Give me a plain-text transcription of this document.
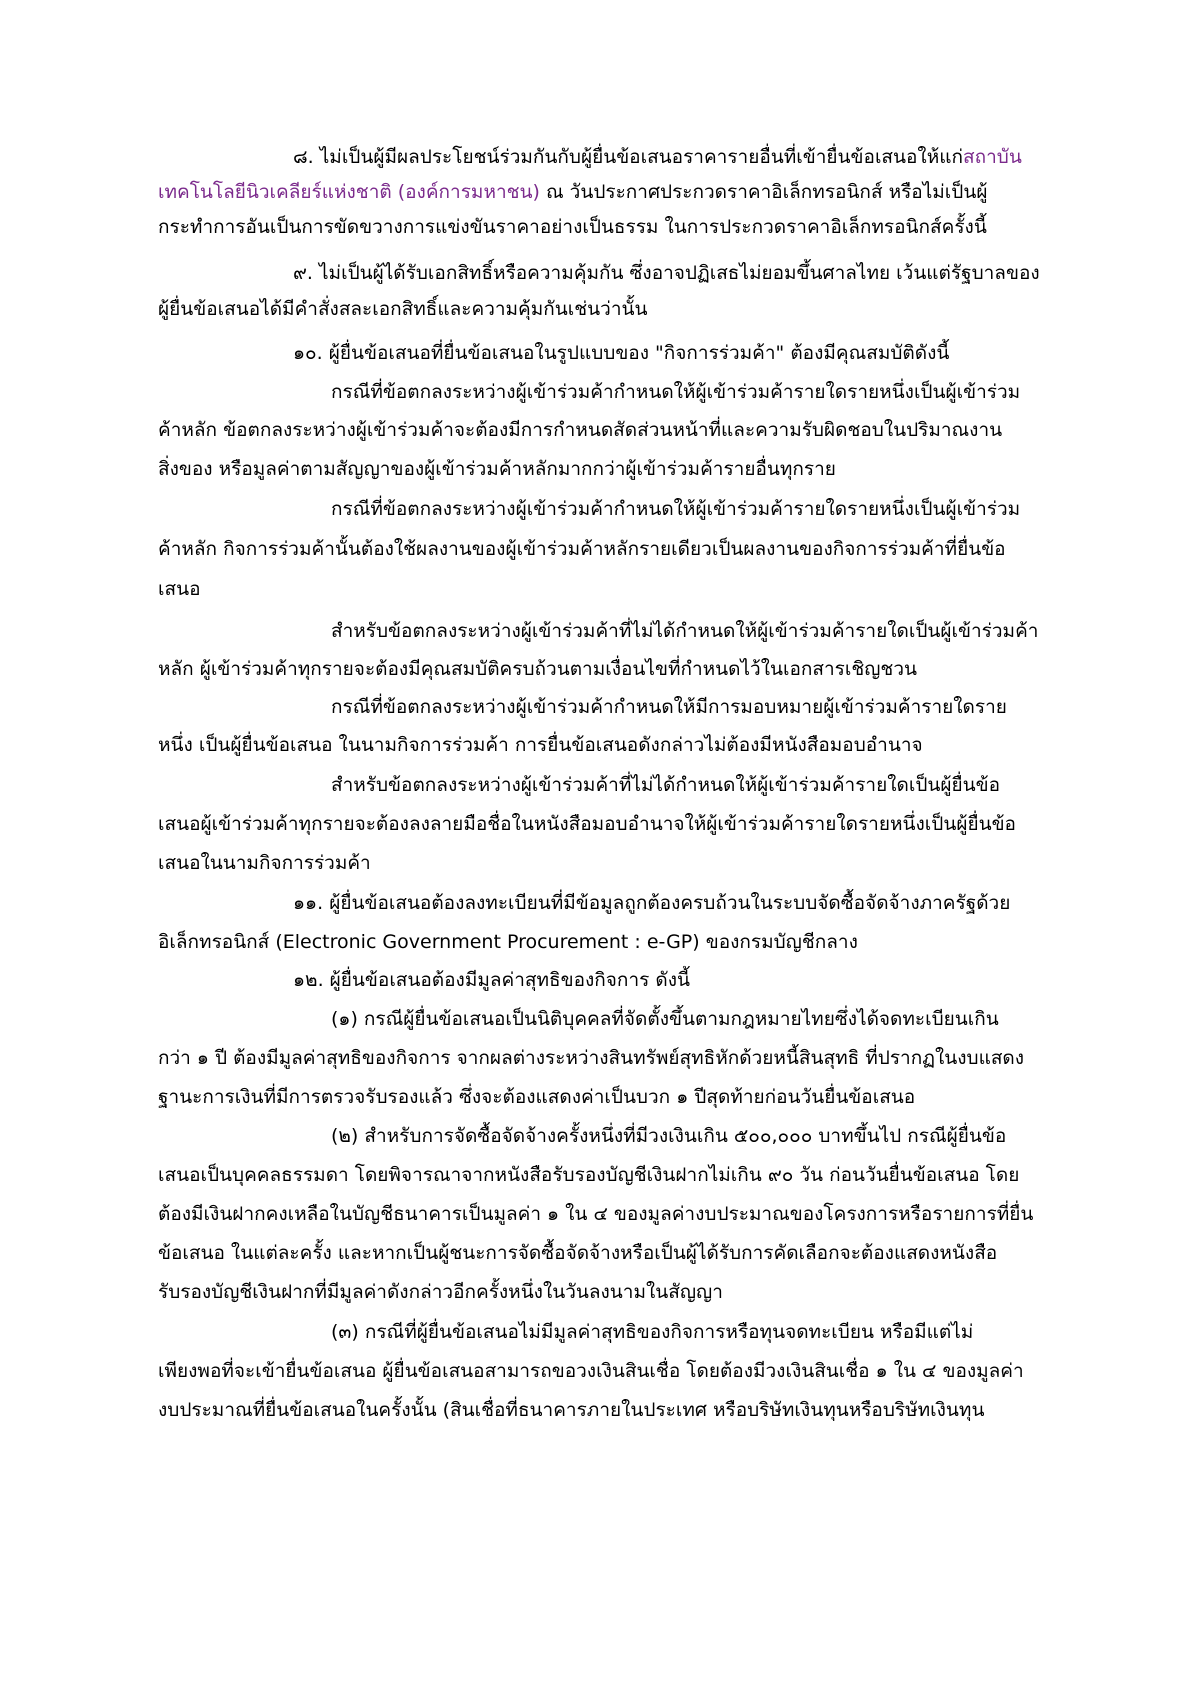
๘. ไม่เป็นผู้มีผลประโยชน์ร่วมกันกับผู้ยื่นข้อเสนอราคารายอื่นที่เข้ายื่นข้อเสนอให้แก่สถาบัน
เทคโนโลยีนิวเคลียร์แห่งชาติ (องค์การมหาชน) ณ วันประกาศประกวดราคาอิเล็กทรอนิกส์ หรือไม่เป็นผู้
กระทำการอันเป็นการขัดขวางการแข่งขันราคาอย่างเป็นธรรม ในการประกวดราคาอิเล็กทรอนิกส์ครั้งนี้
๙. ไม่เป็นผู้ได้รับเอกสิทธิ์หรือความคุ้มกัน ซึ่งอาจปฏิเสธไม่ยอมขึ้นศาลไทย เว้นแต่รัฐบาลของ
ผู้ยื่นข้อเสนอได้มีคำสั่งสละเอกสิทธิ์และความคุ้มกันเช่นว่านั้น
๑๐. ผู้ยื่นข้อเสนอที่ยื่นข้อเสนอในรูปแบบของ "กิจการร่วมค้า" ต้องมีคุณสมบัติดังนี้
กรณีที่ข้อตกลงระหว่างผู้เข้าร่วมค้ากำหนดให้ผู้เข้าร่วมค้ารายใดรายหนึ่งเป็นผู้เข้าร่วม
ค้าหลัก ข้อตกลงระหว่างผู้เข้าร่วมค้าจะต้องมีการกำหนดสัดส่วนหน้าที่และความรับผิดชอบในปริมาณงาน
สิ่งของ หรือมูลค่าตามสัญญาของผู้เข้าร่วมค้าหลักมากกว่าผู้เข้าร่วมค้ารายอื่นทุกราย
กรณีที่ข้อตกลงระหว่างผู้เข้าร่วมค้ากำหนดให้ผู้เข้าร่วมค้ารายใดรายหนึ่งเป็นผู้เข้าร่วม
ค้าหลัก กิจการร่วมค้านั้นต้องใช้ผลงานของผู้เข้าร่วมค้าหลักรายเดียวเป็นผลงานของกิจการร่วมค้าที่ยื่นข้อ
เสนอ
สำหรับข้อตกลงระหว่างผู้เข้าร่วมค้าที่ไม่ได้กำหนดให้ผู้เข้าร่วมค้ารายใดเป็นผู้เข้าร่วมค้า
หลัก ผู้เข้าร่วมค้าทุกรายจะต้องมีคุณสมบัติครบถ้วนตามเงื่อนไขที่กำหนดไว้ในเอกสารเชิญชวน
กรณีที่ข้อตกลงระหว่างผู้เข้าร่วมค้ากำหนดให้มีการมอบหมายผู้เข้าร่วมค้ารายใดราย
หนึ่ง เป็นผู้ยื่นข้อเสนอ ในนามกิจการร่วมค้า การยื่นข้อเสนอดังกล่าวไม่ต้องมีหนังสือมอบอำนาจ
สำหรับข้อตกลงระหว่างผู้เข้าร่วมค้าที่ไม่ได้กำหนดให้ผู้เข้าร่วมค้ารายใดเป็นผู้ยื่นข้อ
เสนอผู้เข้าร่วมค้าทุกรายจะต้องลงลายมือชื่อในหนังสือมอบอำนาจให้ผู้เข้าร่วมค้ารายใดรายหนึ่งเป็นผู้ยื่นข้อ
เสนอในนามกิจการร่วมค้า
๑๑. ผู้ยื่นข้อเสนอต้องลงทะเบียนที่มีข้อมูลถูกต้องครบถ้วนในระบบจัดซื้อจัดจ้างภาครัฐด้วย
อิเล็กทรอนิกส์ (Electronic Government Procurement : e-GP) ของกรมบัญชีกลาง
๑๒. ผู้ยื่นข้อเสนอต้องมีมูลค่าสุทธิของกิจการ ดังนี้
(๑) กรณีผู้ยื่นข้อเสนอเป็นนิติบุคคลที่จัดตั้งขึ้นตามกฎหมายไทยซึ่งได้จดทะเบียนเกิน
กว่า ๑ ปี ต้องมีมูลค่าสุทธิของกิจการ จากผลต่างระหว่างสินทรัพย์สุทธิหักด้วยหนี้สินสุทธิ ที่ปรากฏในงบแสดง
ฐานะการเงินที่มีการตรวจรับรองแล้ว ซึ่งจะต้องแสดงค่าเป็นบวก ๑ ปีสุดท้ายก่อนวันยื่นข้อเสนอ
(๒) สำหรับการจัดซื้อจัดจ้างครั้งหนึ่งที่มีวงเงินเกิน ๕๐๐,๐๐๐ บาทขึ้นไป กรณีผู้ยื่นข้อ
เสนอเป็นบุคคลธรรมดา โดยพิจารณาจากหนังสือรับรองบัญชีเงินฝากไม่เกิน ๙๐ วัน ก่อนวันยื่นข้อเสนอ โดย
ต้องมีเงินฝากคงเหลือในบัญชีธนาคารเป็นมูลค่า ๑ ใน ๔ ของมูลค่างบประมาณของโครงการหรือรายการที่ยื่น
ข้อเสนอ ในแต่ละครั้ง และหากเป็นผู้ชนะการจัดซื้อจัดจ้างหรือเป็นผู้ได้รับการคัดเลือกจะต้องแสดงหนังสือ
รับรองบัญชีเงินฝากที่มีมูลค่าดังกล่าวอีกครั้งหนึ่งในวันลงนามในสัญญา
(๓) กรณีที่ผู้ยื่นข้อเสนอไม่มีมูลค่าสุทธิของกิจการหรือทุนจดทะเบียน หรือมีแต่ไม่
เพียงพอที่จะเข้ายื่นข้อเสนอ ผู้ยื่นข้อเสนอสามารถขอวงเงินสินเชื่อ โดยต้องมีวงเงินสินเชื่อ ๑ ใน ๔ ของมูลค่า
งบประมาณที่ยื่นข้อเสนอในครั้งนั้น (สินเชื่อที่ธนาคารภายในประเทศ หรือบริษัทเงินทุนหรือบริษัทเงินทุน
